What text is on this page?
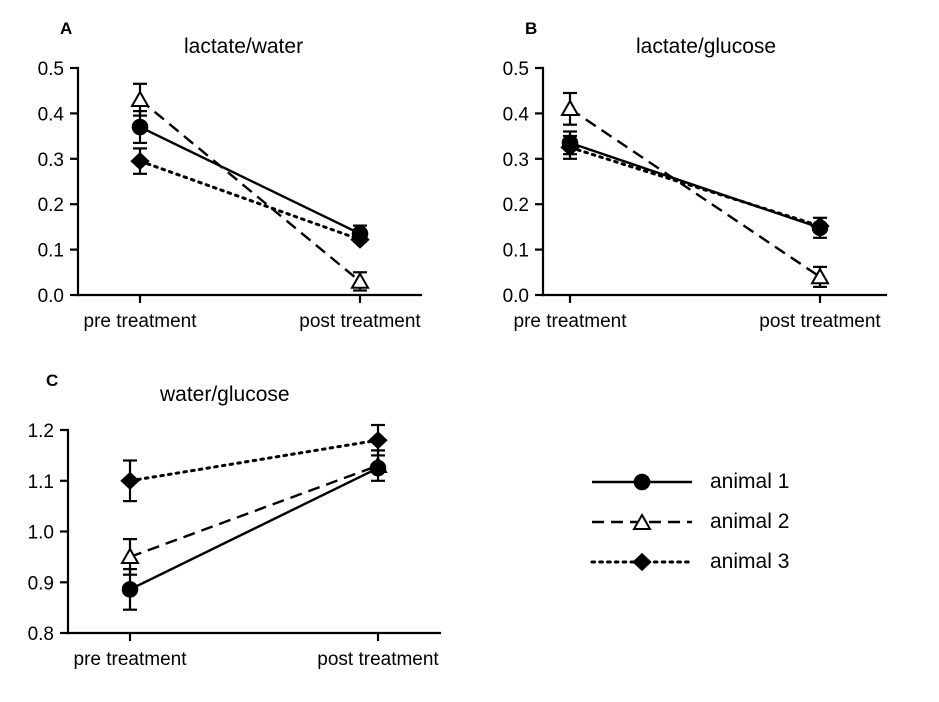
A
lactate/water
0.0
0.1
0.2
0.3
0.4
0.5
pre treatment	post treatment
B
lactate/glucose
0.0
0.1
0.2
0.3
0.4
0.5
pre treatment	post treatment
C
water/glucose
0.8
0.9
1.0
1.1
1.2
pre treatment	post treatment
animal 1
animal 2
animal 3
